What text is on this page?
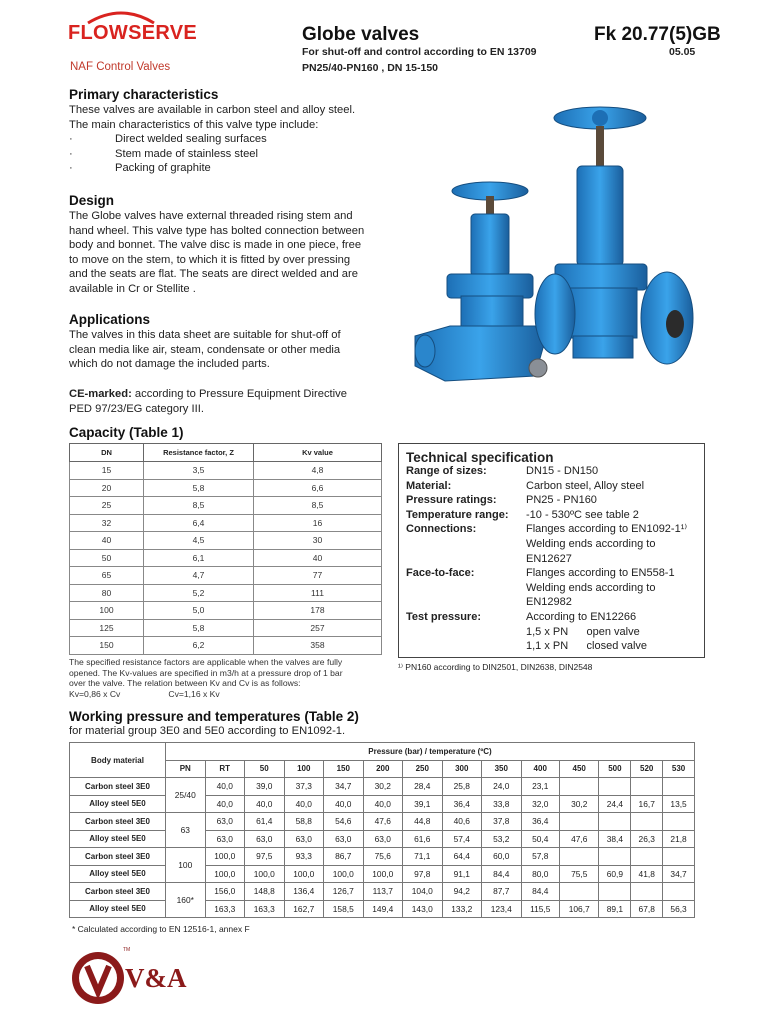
FLOWSERVE
NAF Control Valves
Globe valves	Fk 20.77(5)GB
For shut-off and control according to EN 13709
PN25/40-PN160 , DN 15-150
05.05
Primary characteristics
These valves are available in carbon steel and alloy steel.
The main characteristics of this valve type include:
·	Direct welded sealing surfaces
·	Stem made of stainless steel
·	Packing of graphite
Design
The Globe valves have external threaded rising stem and
hand wheel. This valve type has bolted connection between
body and bonnet. The valve disc is made in one piece, free
to move on the stem, to which it is fitted by over pressing
and the seats are flat. The seats are direct welded and are
available in Cr or Stellite .
Applications
The valves in this data sheet are suitable for shut-off of
clean media like air, steam, condensate or other media
which do not damage the included parts.
CE-marked: according to Pressure Equipment Directive
PED 97/23/EG category III.
Capacity (Table 1)
DN	Resistance factor, Z	Kv value
15	3,5	4,8
20	5,8	6,6
25	8,5	8,5
32	6,4	16
40	4,5	30
50	6,1	40
65	4,7	77
80	5,2	111
100	5,0	178
125	5,8	257
150	6,2	358
The specified resistance factors are applicable when the valves are fully
opened. The Kv-values are specified in m3/h at a pressure drop of 1 bar
over the valve. The relation between Kv and Cv is as follows:
Kv=0,86 x Cv	Cv=1,16 x Kv
Technical specification
Range of sizes:	DN15 - DN150
Material:	Carbon steel, Alloy steel
Pressure ratings:	PN25 - PN160
Temperature range: -10 - 530ºC see table 2
Connections:	Flanges according to EN1092-1¹⁾
Welding ends according to
EN12627
Face-to-face:	Flanges according to EN558-1
Welding ends according to
EN12982
Test pressure:	According to EN12266
1,5 x PN      open valve
1,1 x PN      closed valve
¹⁾ PN160 according to DIN2501, DIN2638, DIN2548
Working pressure and temperatures (Table 2)
for material group 3E0 and 5E0 according to EN1092-1.
Body material	Pressure (bar) / temperature (ºC)													
	PN	RT	50	100	150	200	250	300	350	400	450	500	520	530
Carbon steel 3E0	25/40	40,0	39,0	37,3	34,7	30,2	28,4	25,8	24,0	23,1				
Alloy steel 5E0		40,0	40,0	40,0	40,0	40,0	39,1	36,4	33,8	32,0	30,2	24,4	16,7	13,5
Carbon steel 3E0	63	63,0	61,4	58,8	54,6	47,6	44,8	40,6	37,8	36,4				
Alloy steel 5E0		63,0	63,0	63,0	63,0	63,0	61,6	57,4	53,2	50,4	47,6	38,4	26,3	21,8
Carbon steel 3E0	100	100,0	97,5	93,3	86,7	75,6	71,1	64,4	60,0	57,8				
Alloy steel 5E0		100,0	100,0	100,0	100,0	100,0	97,8	91,1	84,4	80,0	75,5	60,9	41,8	34,7
Carbon steel 3E0	160*	156,0	148,8	136,4	126,7	113,7	104,0	94,2	87,7	84,4				
Alloy steel 5E0		163,3	163,3	162,7	158,5	149,4	143,0	133,2	123,4	115,5	106,7	89,1	67,8	56,3
* Calculated according to EN 12516-1, annex F
V&A
TM
